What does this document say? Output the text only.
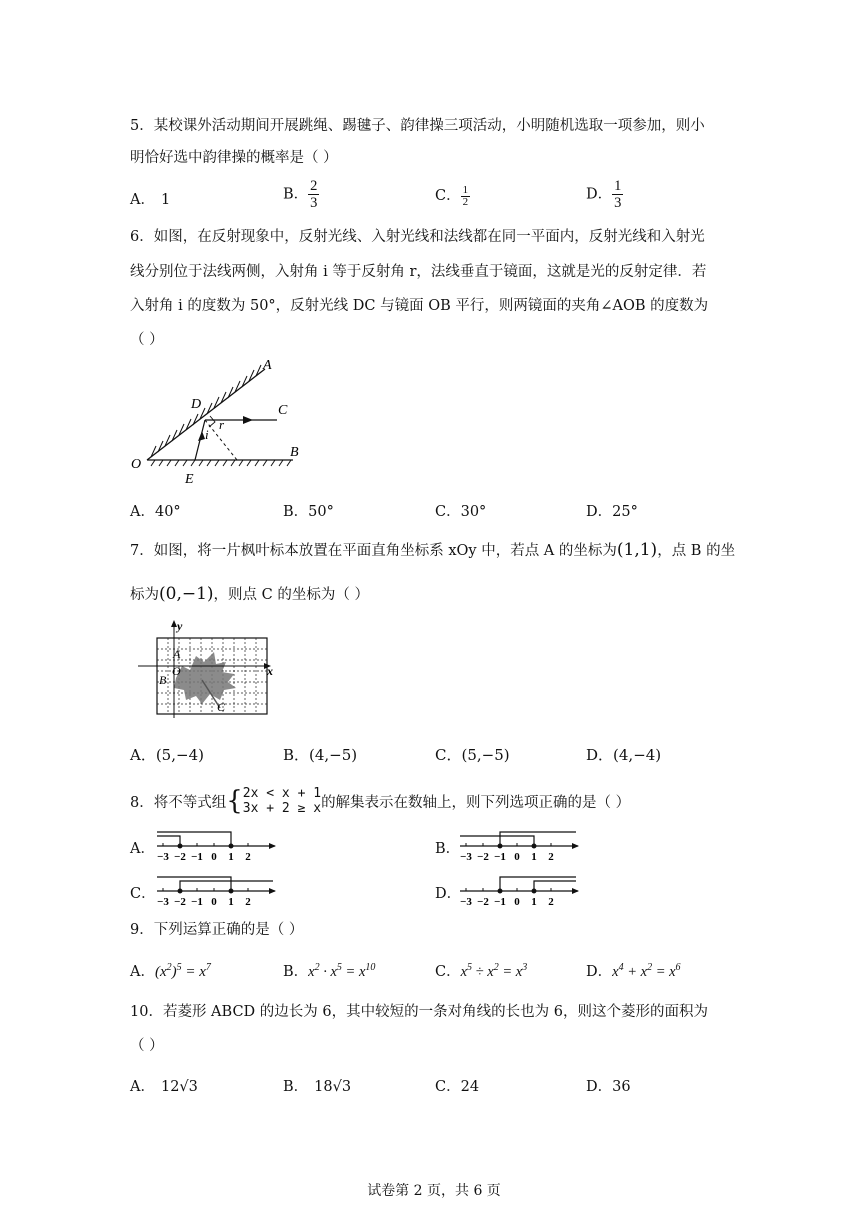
5．某校课外活动期间开展跳绳、踢毽子、韵律操三项活动，小明随机选取一项参加，则小
明恰好选中韵律操的概率是（ ）
A． 1	B． $\frac{2}{3}$	C． $\frac{1}{2}$	D． $\frac{1}{3}$
6．如图，在反射现象中，反射光线、入射光线和法线都在同一平面内，反射光线和入射光
线分别位于法线两侧，入射角 i 等于反射角 r，法线垂直于镜面，这就是光的反射定律．若
入射角 i 的度数为 50°，反射光线 DC 与镜面 OB 平行，则两镜面的夹角∠AOB 的度数为
（ ）
A
D	C
r
i
O
E
B
A．40°	B．50°	C．30°	D．25°
7．如图，将一片枫叶标本放置在平面直角坐标系 xOy 中，若点 A 的坐标为(1,1)，点 B 的坐
标为(0,−1)，则点 C 的坐标为（ ）
y
x
A
O
B
C
A．(5,−4)	B．(4,−5)	C．(5,−5)	D．(4,−4)
8．将不等式组{ 2x < x + 1
3x + 2 ≥ x 的解集表示在数轴上，则下列选项正确的是（ ）
A． −3 −2 −1 0 1 2	B． −3 −2 −1 0 1 2
C． −3 −2 −1 0 1 2	D．
−3 −2 −1 0 1 2
9．下列运算正确的是（ ）
A．$(x^2)^5 = x^7$	B．$x^2 \cdot x^5 = x^{10}$	C．$x^5 \div x^2 = x^3$	D．$x^4 + x^2 = x^6$
10．若菱形 ABCD 的边长为 6，其中较短的一条对角线的长也为 6，则这个菱形的面积为
（ ）
A． 12√3	B． 18√3	C．24	D．36
试卷第 2 页，共 6 页
